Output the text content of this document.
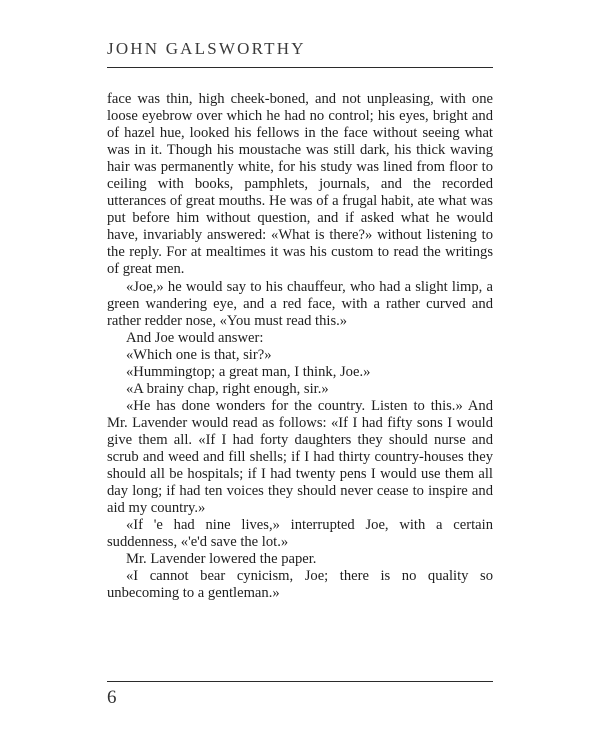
JOHN GALSWORTHY

face was thin, high cheek-boned, and not unpleasing, with one loose eyebrow over which he had no control; his eyes, bright and of hazel hue, looked his fellows in the face without seeing what was in it. Though his moustache was still dark, his thick waving hair was permanently white, for his study was lined from floor to ceiling with books, pamphlets, journals, and the recorded utterances of great mouths. He was of a frugal habit, ate what was put before him without question, and if asked what he would have, invariably answered: «What is there?» without listening to the reply. For at mealtimes it was his custom to read the writings of great men.

«Joe,» he would say to his chauffeur, who had a slight limp, a green wandering eye, and a red face, with a rather curved and rather redder nose, «You must read this.»

And Joe would answer:

«Which one is that, sir?»

«Hummingtop; a great man, I think, Joe.»

«A brainy chap, right enough, sir.»

«He has done wonders for the country. Listen to this.» And Mr. Lavender would read as follows: «If I had fifty sons I would give them all. «If I had forty daughters they should nurse and scrub and weed and fill shells; if I had thirty country-houses they should all be hospitals; if I had twenty pens I would use them all day long; if had ten voices they should never cease to inspire and aid my country.»

«If 'e had nine lives,» interrupted Joe, with a certain suddenness, «'e'd save the lot.»

Mr. Lavender lowered the paper.

«I cannot bear cynicism, Joe; there is no quality so unbecoming to a gentleman.»

6
